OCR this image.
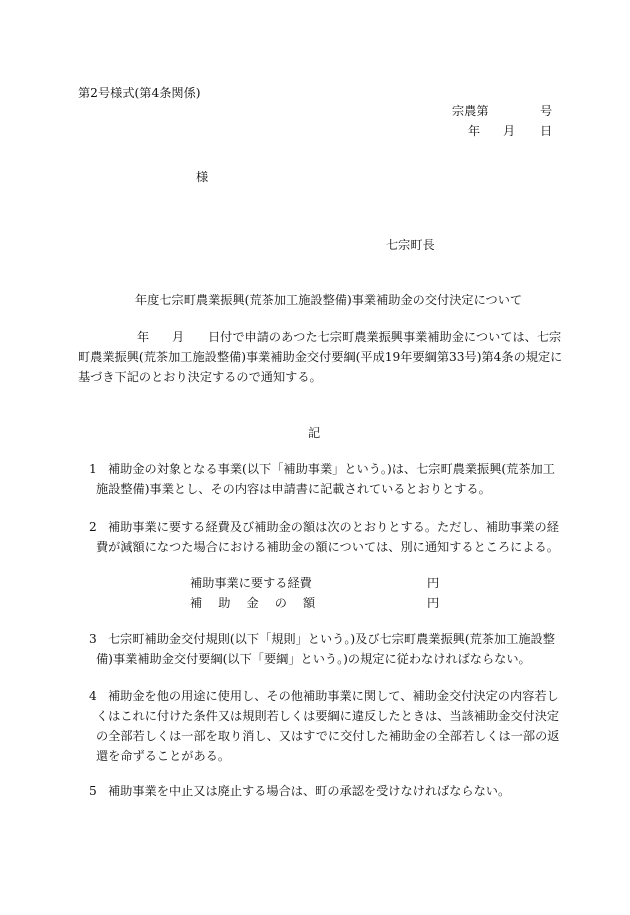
第2号様式(第4条関係)
宗農第	号
年 月 日
様
七宗町長
年度七宗町農業振興(荒茶加工施設整備)事業補助金の交付決定について
年 月 日付で申請のあつた七宗町農業振興事業補助金については、七宗
町農業振興(荒茶加工施設整備)事業補助金交付要綱(平成19年要綱第33号)第4条の規定に
基づき下記のとおり決定するので通知する。
記
1 補助金の対象となる事業(以下「補助事業」という。)は、七宗町農業振興(荒茶加工
施設整備)事業とし、その内容は申請書に記載されているとおりとする。
2 補助事業に要する経費及び補助金の額は次のとおりとする。ただし、補助事業の経
費が減額になつた場合における補助金の額については、別に通知するところによる。
補助事業に要する経費	円
補　 助　 金　 の　 額	円
3 七宗町補助金交付規則(以下「規則」という。)及び七宗町農業振興(荒茶加工施設整
備)事業補助金交付要綱(以下「要綱」という。)の規定に従わなければならない。
4 補助金を他の用途に使用し、その他補助事業に関して、補助金交付決定の内容若し
くはこれに付けた条件又は規則若しくは要綱に違反したときは、当該補助金交付決定
の全部若しくは一部を取り消し、又はすでに交付した補助金の全部若しくは一部の返
還を命ずることがある。
5 補助事業を中止又は廃止する場合は、町の承認を受けなければならない。
